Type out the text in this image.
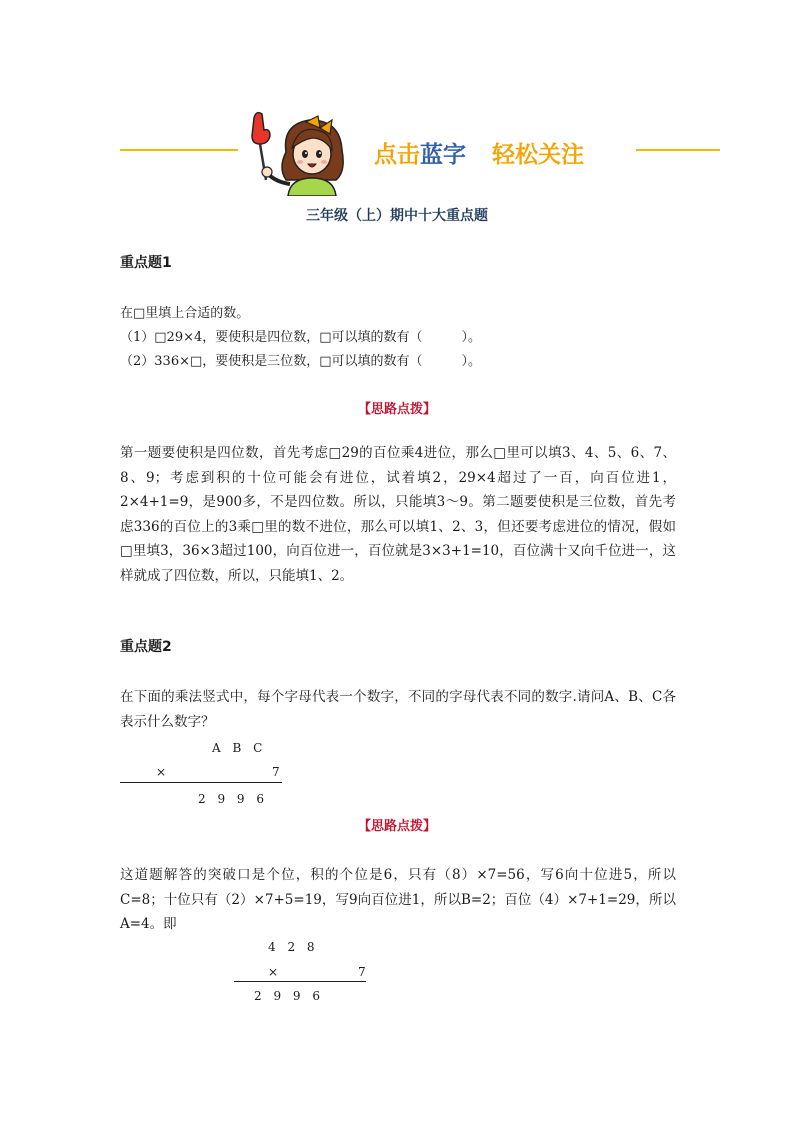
点击蓝字 轻松关注
三年级（上）期中十大重点题
重点题1
在□里填上合适的数。
（1）□29×4，要使积是四位数，□可以填的数有（　　　）。
（2）336×□，要使积是三位数，□可以填的数有（　　　）。
【思路点拨】
第一题要使积是四位数，首先考虑□29的百位乘4进位，那么□里可以填3、4、5、6、7、8、9；考虑到积的十位可能会有进位，试着填2，29×4超过了一百，向百位进1，2×4+1=9，是900多，不是四位数。所以，只能填3～9。第二题要使积是三位数，首先考虑336的百位上的3乘□里的数不进位，那么可以填1、2、3，但还要考虑进位的情况，假如□里填3，36×3超过100，向百位进一，百位就是3×3+1=10，百位满十又向千位进一，这样就成了四位数，所以，只能填1、2。
重点题2
在下面的乘法竖式中，每个字母代表一个数字，不同的字母代表不同的数字.请问A、B、C各表示什么数字？
A B C
×	7
2 9 9 6
【思路点拨】
这道题解答的突破口是个位，积的个位是6，只有（8）×7=56，写6向十位进5，所以C=8；十位只有（2）×7+5=19，写9向百位进1，所以B=2；百位（4）×7+1=29，所以A=4。即
4 2 8
×	7
2 9 9 6
